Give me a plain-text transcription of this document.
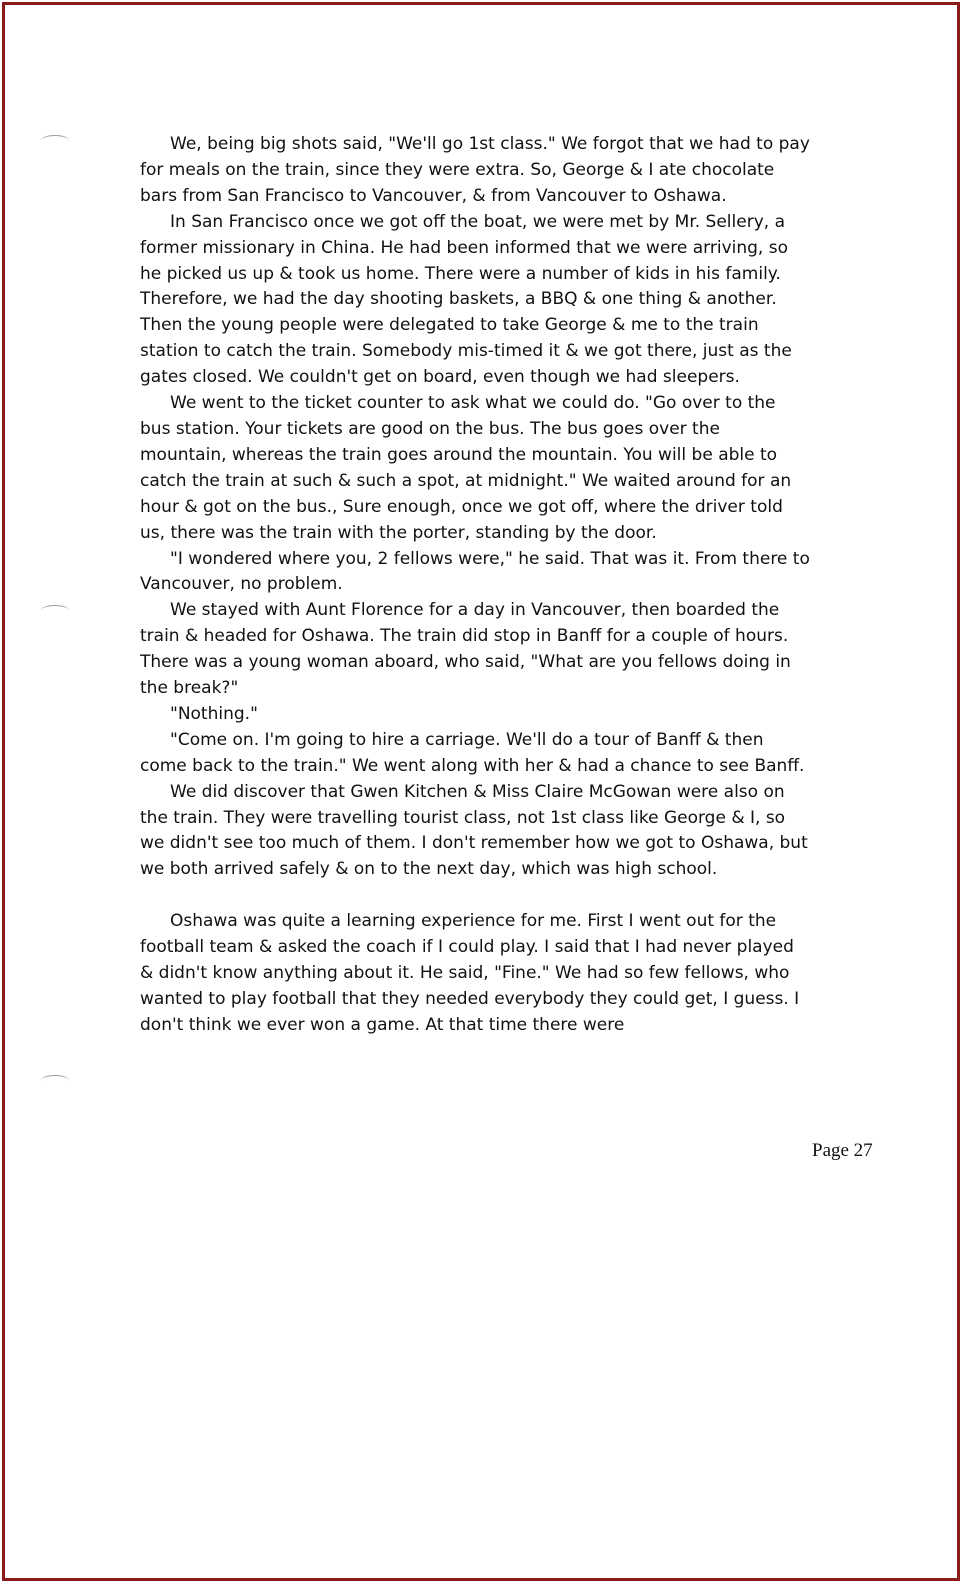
We, being big shots said, "We'll go 1st class." We forgot that we had to pay for meals on the train, since they were extra. So, George & I ate chocolate bars from San Francisco to Vancouver, & from Vancouver to Oshawa.

In San Francisco once we got off the boat, we were met by Mr. Sellery, a former missionary in China. He had been informed that we were arriving, so he picked us up & took us home. There were a number of kids in his family. Therefore, we had the day shooting baskets, a BBQ & one thing & another. Then the young people were delegated to take George & me to the train station to catch the train. Somebody mis-timed it & we got there, just as the gates closed. We couldn't get on board, even though we had sleepers.

We went to the ticket counter to ask what we could do. "Go over to the bus station. Your tickets are good on the bus. The bus goes over the mountain, whereas the train goes around the mountain. You will be able to catch the train at such & such a spot, at midnight." We waited around for an hour & got on the bus., Sure enough, once we got off, where the driver told us, there was the train with the porter, standing by the door.

"I wondered where you, 2 fellows were," he said. That was it. From there to Vancouver, no problem.

We stayed with Aunt Florence for a day in Vancouver, then boarded the train & headed for Oshawa. The train did stop in Banff for a couple of hours. There was a young woman aboard, who said, "What are you fellows doing in the break?"

"Nothing."

"Come on. I'm going to hire a carriage. We'll do a tour of Banff & then come back to the train." We went along with her & had a chance to see Banff.

We did discover that Gwen Kitchen & Miss Claire McGowan were also on the train. They were travelling tourist class, not 1st class like George & I, so we didn't see too much of them. I don't remember how we got to Oshawa, but we both arrived safely & on to the next day, which was high school.

Oshawa was quite a learning experience for me. First I went out for the football team & asked the coach if I could play. I said that I had never played & didn't know anything about it. He said, "Fine." We had so few fellows, who wanted to play football that they needed everybody they could get, I guess. I don't think we ever won a game. At that time there were

Page 27
